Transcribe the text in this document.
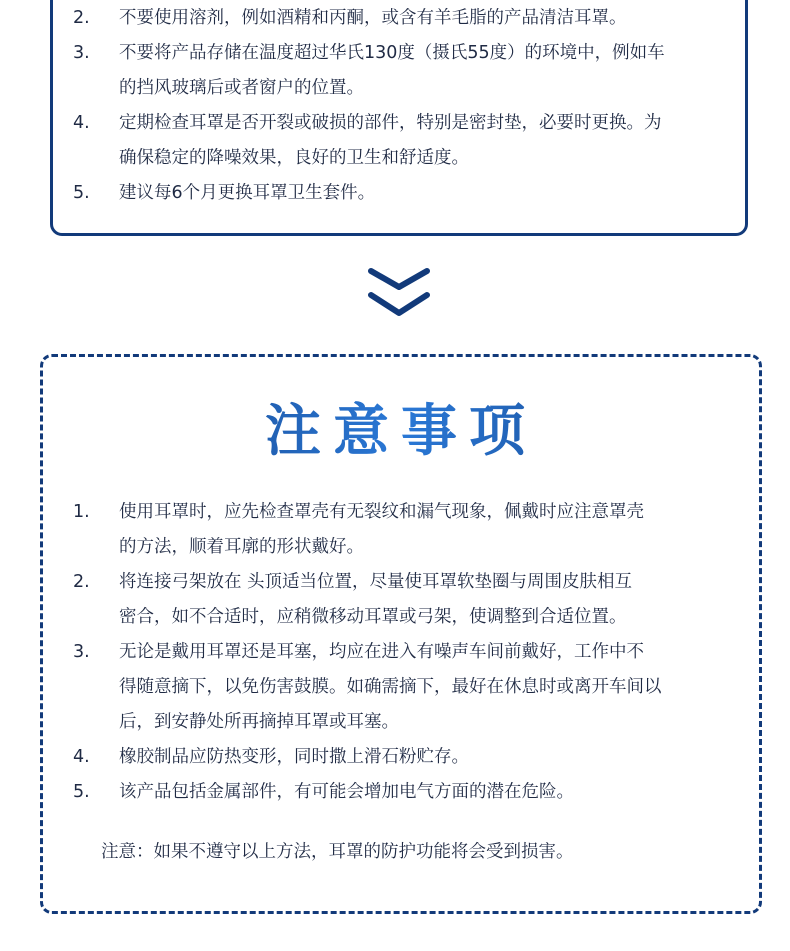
2.	不要使用溶剂，例如酒精和丙酮，或含有羊毛脂的产品清洁耳罩。
3.	不要将产品存储在温度超过华氏130度（摄氏55度）的环境中，例如车
的挡风玻璃后或者窗户的位置。
4.	定期检查耳罩是否开裂或破损的部件，特别是密封垫，必要时更换。为
确保稳定的降噪效果，良好的卫生和舒适度。
5.	建议每6个月更换耳罩卫生套件。
注意事项
1.	使用耳罩时，应先检查罩壳有无裂纹和漏气现象，佩戴时应注意罩壳
的方法，顺着耳廓的形状戴好。
2.	将连接弓架放在 头顶适当位置，尽量使耳罩软垫圈与周围皮肤相互
密合，如不合适时，应稍微移动耳罩或弓架，使调整到合适位置。
3.	无论是戴用耳罩还是耳塞，均应在进入有噪声车间前戴好，工作中不
得随意摘下，以免伤害鼓膜。如确需摘下，最好在休息时或离开车间以
后，到安静处所再摘掉耳罩或耳塞。
4.	橡胶制品应防热变形，同时撒上滑石粉贮存。
5.	该产品包括金属部件，有可能会增加电气方面的潜在危险。
注意：如果不遵守以上方法，耳罩的防护功能将会受到损害。
